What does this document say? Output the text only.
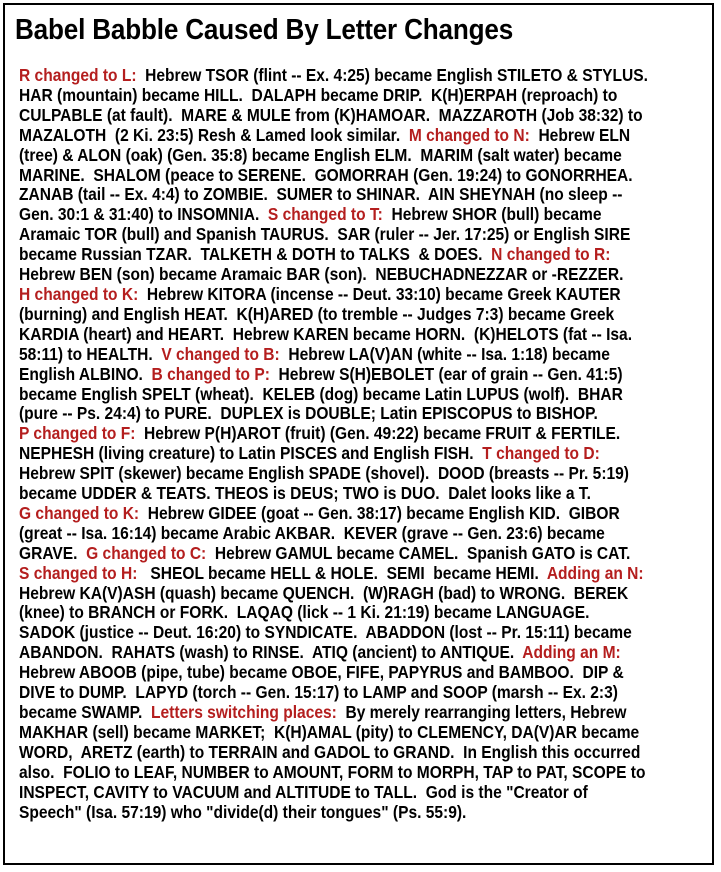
Babel Babble Caused By Letter Changes
R changed to L:  Hebrew TSOR (flint -- Ex. 4:25) became English STILETO & STYLUS.
HAR (mountain) became HILL.  DALAPH became DRIP.  K(H)ERPAH (reproach) to
CULPABLE (at fault).  MARE & MULE from (K)HAMOAR.  MAZZAROTH (Job 38:32) to
MAZALOTH  (2 Ki. 23:5) Resh & Lamed look similar.  M changed to N:  Hebrew ELN
(tree) & ALON (oak) (Gen. 35:8) became English ELM.  MARIM (salt water) became
MARINE.  SHALOM (peace to SERENE.  GOMORRAH (Gen. 19:24) to GONORRHEA.
ZANAB (tail -- Ex. 4:4) to ZOMBIE.  SUMER to SHINAR.  AIN SHEYNAH (no sleep --
Gen. 30:1 & 31:40) to INSOMNIA.  S changed to T:  Hebrew SHOR (bull) became
Aramaic TOR (bull) and Spanish TAURUS.  SAR (ruler -- Jer. 17:25) or English SIRE
became Russian TZAR.  TALKETH & DOTH to TALKS  & DOES.  N changed to R:
Hebrew BEN (son) became Aramaic BAR (son).  NEBUCHADNEZZAR or -REZZER.
H changed to K:  Hebrew KITORA (incense -- Deut. 33:10) became Greek KAUTER
(burning) and English HEAT.  K(H)ARED (to tremble -- Judges 7:3) became Greek
KARDIA (heart) and HEART.  Hebrew KAREN became HORN.  (K)HELOTS (fat -- Isa.
58:11) to HEALTH.  V changed to B:  Hebrew LA(V)AN (white -- Isa. 1:18) became
English ALBINO.  B changed to P:  Hebrew S(H)EBOLET (ear of grain -- Gen. 41:5)
became English SPELT (wheat).  KELEB (dog) became Latin LUPUS (wolf).  BHAR
(pure -- Ps. 24:4) to PURE.  DUPLEX is DOUBLE; Latin EPISCOPUS to BISHOP.
P changed to F:  Hebrew P(H)AROT (fruit) (Gen. 49:22) became FRUIT & FERTILE.
NEPHESH (living creature) to Latin PISCES and English FISH.  T changed to D:
Hebrew SPIT (skewer) became English SPADE (shovel).  DOOD (breasts -- Pr. 5:19)
became UDDER & TEATS. THEOS is DEUS; TWO is DUO.  Dalet looks like a T.
G changed to K:  Hebrew GIDEE (goat -- Gen. 38:17) became English KID.  GIBOR
(great -- Isa. 16:14) became Arabic AKBAR.  KEVER (grave -- Gen. 23:6) became
GRAVE.  G changed to C:  Hebrew GAMUL became CAMEL.  Spanish GATO is CAT.
S changed to H:   SHEOL became HELL & HOLE.  SEMI  became HEMI.  Adding an N:
Hebrew KA(V)ASH (quash) became QUENCH.  (W)RAGH (bad) to WRONG.  BEREK
(knee) to BRANCH or FORK.  LAQAQ (lick -- 1 Ki. 21:19) became LANGUAGE.
SADOK (justice -- Deut. 16:20) to SYNDICATE.  ABADDON (lost -- Pr. 15:11) became
ABANDON.  RAHATS (wash) to RINSE.  ATIQ (ancient) to ANTIQUE.  Adding an M:
Hebrew ABOOB (pipe, tube) became OBOE, FIFE, PAPYRUS and BAMBOO.  DIP &
DIVE to DUMP.  LAPYD (torch -- Gen. 15:17) to LAMP and SOOP (marsh -- Ex. 2:3)
became SWAMP.  Letters switching places:  By merely rearranging letters, Hebrew
MAKHAR (sell) became MARKET;  K(H)AMAL (pity) to CLEMENCY, DA(V)AR became
WORD,  ARETZ (earth) to TERRAIN and GADOL to GRAND.  In English this occurred
also.  FOLIO to LEAF, NUMBER to AMOUNT, FORM to MORPH, TAP to PAT, SCOPE to
INSPECT, CAVITY to VACUUM and ALTITUDE to TALL.  God is the "Creator of
Speech" (Isa. 57:19) who "divide(d) their tongues" (Ps. 55:9).
